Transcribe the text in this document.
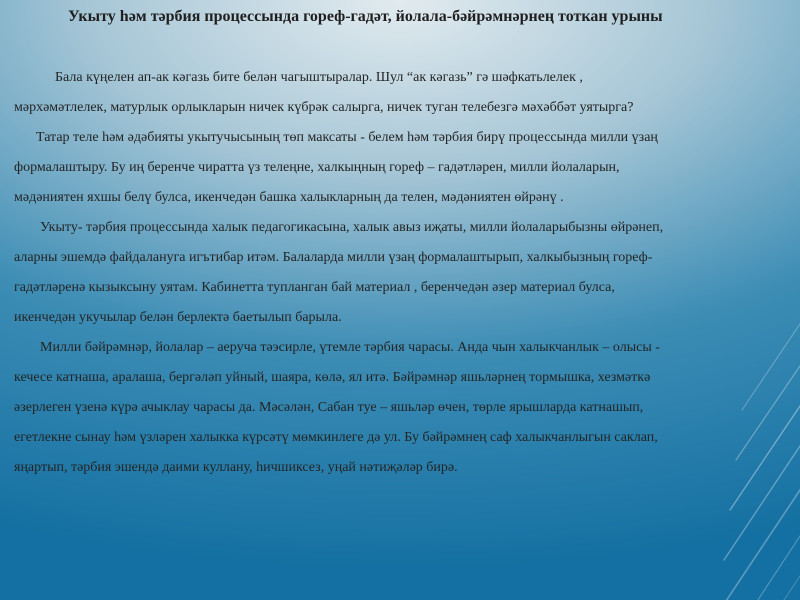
Укыту һәм тәрбия процессында гореф-гадәт, йолала-бәйрәмнәрнең тоткан урыны

Бала күңелен ап-ак кәгазь бите белән чагыштыралар. Шул “ак кәгазь” гә шәфкатьлелек ,
мәрхәмәтлелек, матурлык орлыкларын ничек күбрәк салырга, ничек туган телебезгә мәхәббәт уятырга?

Татар теле һәм әдәбияты укытучысының төп максаты - белем һәм тәрбия бирү процессында милли үзаң
формалаштыру. Бу иң беренче чиратта үз телеңне, халкыңның гореф – гадәтләрен, милли йолаларын,
мәдәниятен яхшы белү булса, икенчедән башка халыкларның да телен, мәдәниятен өйрәнү .

Укыту- тәрбия процессында халык педагогикасына, халык авыз иҗаты, милли йолаларыбызны өйрәнеп,
аларны эшемдә файдалануга игътибар итәм. Балаларда милли үзаң формалаштырып, халкыбызның гореф-
гадәтләренә кызыксыну уятам. Кабинетта тупланган бай материал , беренчедән әзер материал булса,
икенчедән укучылар белән берлектә баетылып барыла.

Милли бәйрәмнәр, йолалар – аеруча тәэсирле, үтемле тәрбия чарасы. Анда чын халыкчанлык – олысы -
кечесе катнаша, аралаша, бергәләп уйный, шаяра, көлә, ял итә. Бәйрәмнәр яшьләрнең тормышка, хезмәткә
әзерлеген үзенә күрә ачыклау чарасы да. Мәсәлән, Сабан туе – яшьләр өчен, төрле ярышларда катнашып,
егетлекне сынау һәм үзләрен халыкка күрсәтү мөмкинлеге дә ул. Бу бәйрәмнең саф халыкчанлыгын саклап,
яңартып, тәрбия эшендә даими куллану, һичшиксез, уңай нәтиҗәләр бирә.
